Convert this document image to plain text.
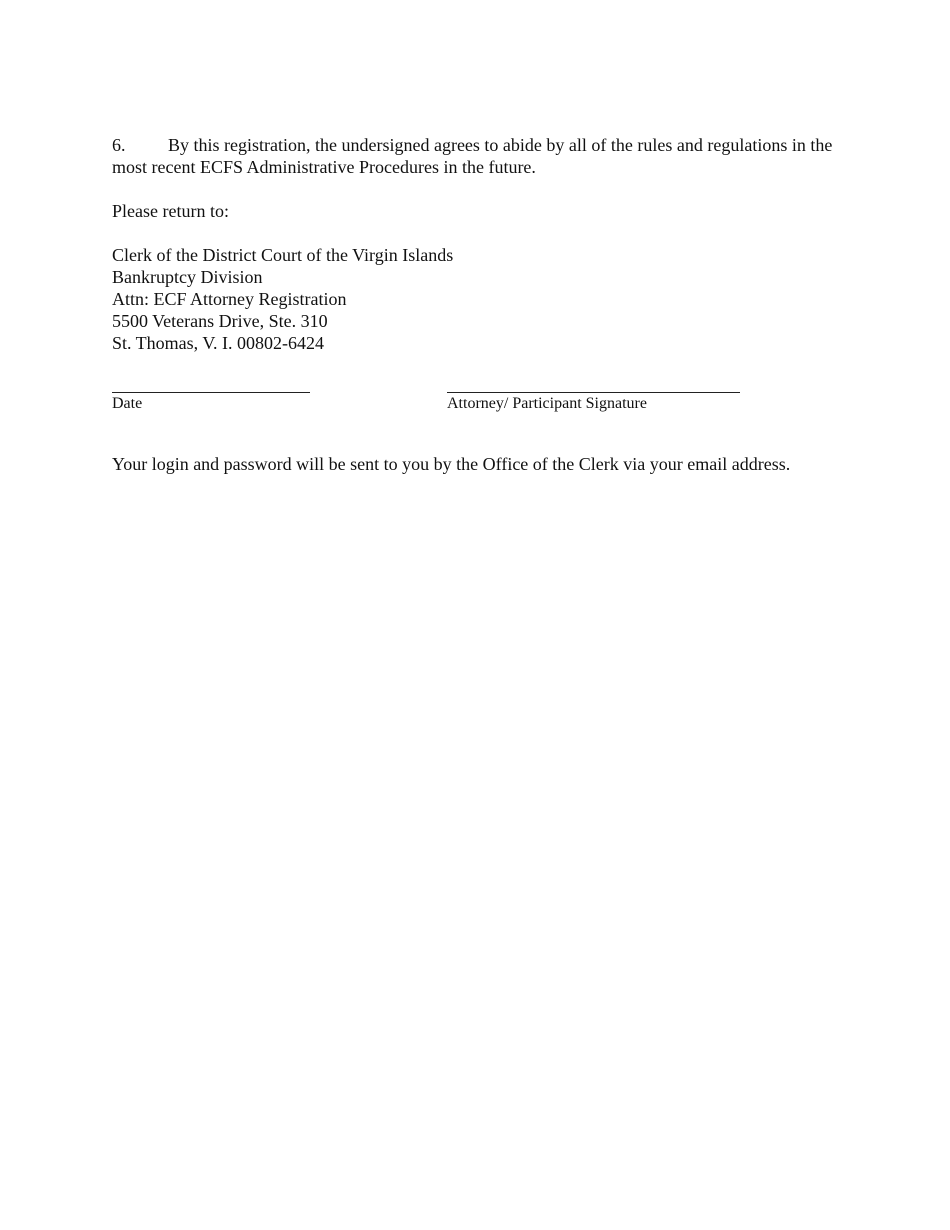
6. By this registration, the undersigned agrees to abide by all of the rules and regulations in the most recent ECFS Administrative Procedures in the future.

Please return to:
Clerk of the District Court of the Virgin Islands
Bankruptcy Division
Attn: ECF Attorney Registration
5500 Veterans Drive, Ste. 310
St. Thomas, V. I. 00802-6424
Date	Attorney/ Participant Signature
Your login and password will be sent to you by the Office of the Clerk via your email address.
